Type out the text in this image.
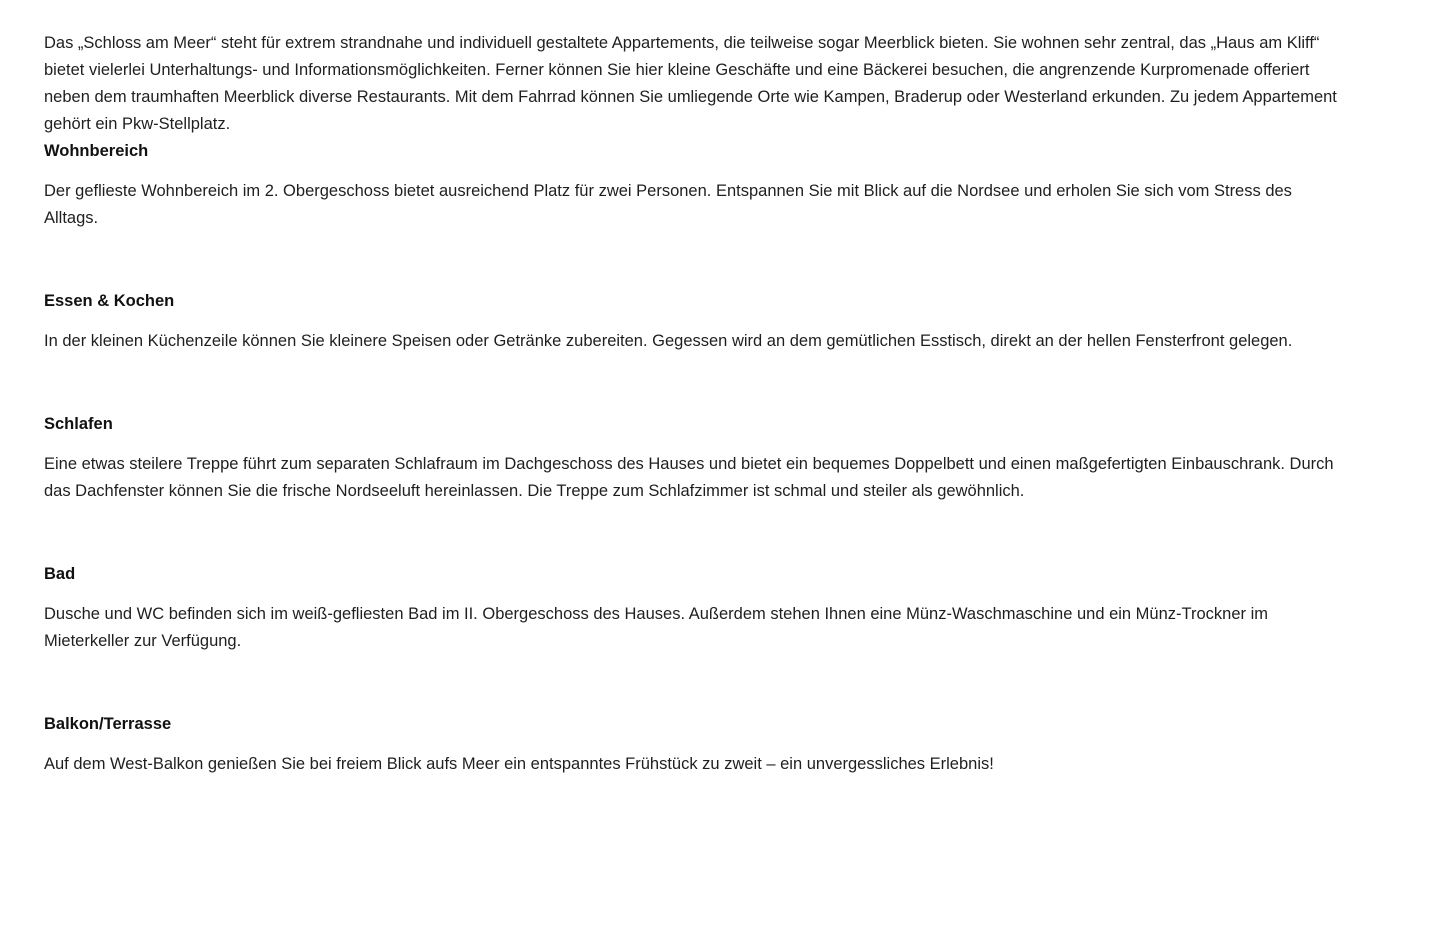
Das „Schloss am Meer“ steht für extrem strandnahe und individuell gestaltete Appartements, die teilweise sogar Meerblick bieten. Sie wohnen sehr zentral, das „Haus am Kliff“ bietet vielerlei Unterhaltungs- und Informationsmöglichkeiten. Ferner können Sie hier kleine Geschäfte und eine Bäckerei besuchen, die angrenzende Kurpromenade offeriert neben dem traumhaften Meerblick diverse Restaurants. Mit dem Fahrrad können Sie umliegende Orte wie Kampen, Braderup oder Westerland erkunden. Zu jedem Appartement gehört ein Pkw-Stellplatz.

Wohnbereich

Der geflieste Wohnbereich im 2. Obergeschoss bietet ausreichend Platz für zwei Personen. Entspannen Sie mit Blick auf die Nordsee und erholen Sie sich vom Stress des Alltags.

Essen & Kochen

In der kleinen Küchenzeile können Sie kleinere Speisen oder Getränke zubereiten. Gegessen wird an dem gemütlichen Esstisch, direkt an der hellen Fensterfront gelegen.

Schlafen

Eine etwas steilere Treppe führt zum separaten Schlafraum im Dachgeschoss des Hauses und bietet ein bequemes Doppelbett und einen maßgefertigten Einbauschrank. Durch das Dachfenster können Sie die frische Nordseeluft hereinlassen. Die Treppe zum Schlafzimmer ist schmal und steiler als gewöhnlich.

Bad

Dusche und WC befinden sich im weiß-gefliesten Bad im II. Obergeschoss des Hauses. Außerdem stehen Ihnen eine Münz-Waschmaschine und ein Münz-Trockner im Mieterkeller zur Verfügung.

Balkon/Terrasse

Auf dem West-Balkon genießen Sie bei freiem Blick aufs Meer ein entspanntes Frühstück zu zweit – ein unvergessliches Erlebnis!
